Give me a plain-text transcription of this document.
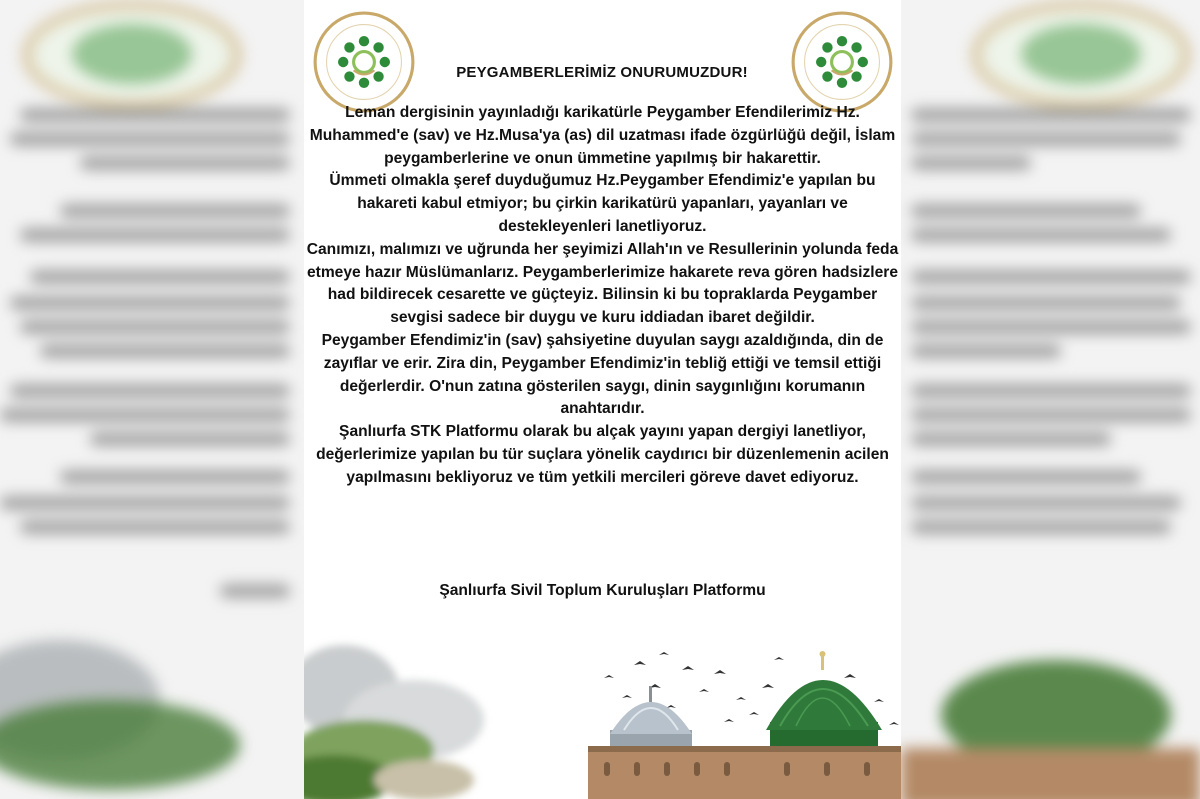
PEYGAMBERLERİMİZ ONURUMUZDUR!

Leman dergisinin yayınladığı karikatürle Peygamber Efendilerimiz Hz. Muhammed'e (sav) ve Hz.Musa'ya (as) dil uzatması ifade özgürlüğü değil, İslam peygamberlerine ve onun ümmetine yapılmış bir hakarettir.

Ümmeti olmakla şeref duyduğumuz Hz.Peygamber Efendimiz'e yapılan bu hakareti kabul etmiyor; bu çirkin karikatürü yapanları, yayanları ve destekleyenleri lanetliyoruz.

Canımızı, malımızı ve uğrunda her şeyimizi Allah'ın ve Resullerinin yolunda feda etmeye hazır Müslümanlarız. Peygamberlerimize hakarete reva gören hadsizlere had bildirecek cesarette ve güçteyiz. Bilinsin ki bu topraklarda Peygamber sevgisi sadece bir duygu ve kuru iddiadan ibaret değildir.

Peygamber Efendimiz'in (sav) şahsiyetine duyulan saygı azaldığında, din de zayıflar ve erir. Zira din, Peygamber Efendimiz'in tebliğ ettiği ve temsil ettiği değerlerdir. O'nun zatına gösterilen saygı, dinin saygınlığını korumanın anahtarıdır.

Şanlıurfa STK Platformu olarak bu alçak yayını yapan dergiyi lanetliyor, değerlerimize yapılan bu tür suçlara yönelik caydırıcı bir düzenlemenin acilen yapılmasını bekliyoruz ve tüm yetkili mercileri göreve davet ediyoruz.

Şanlıurfa Sivil Toplum Kuruluşları Platformu
